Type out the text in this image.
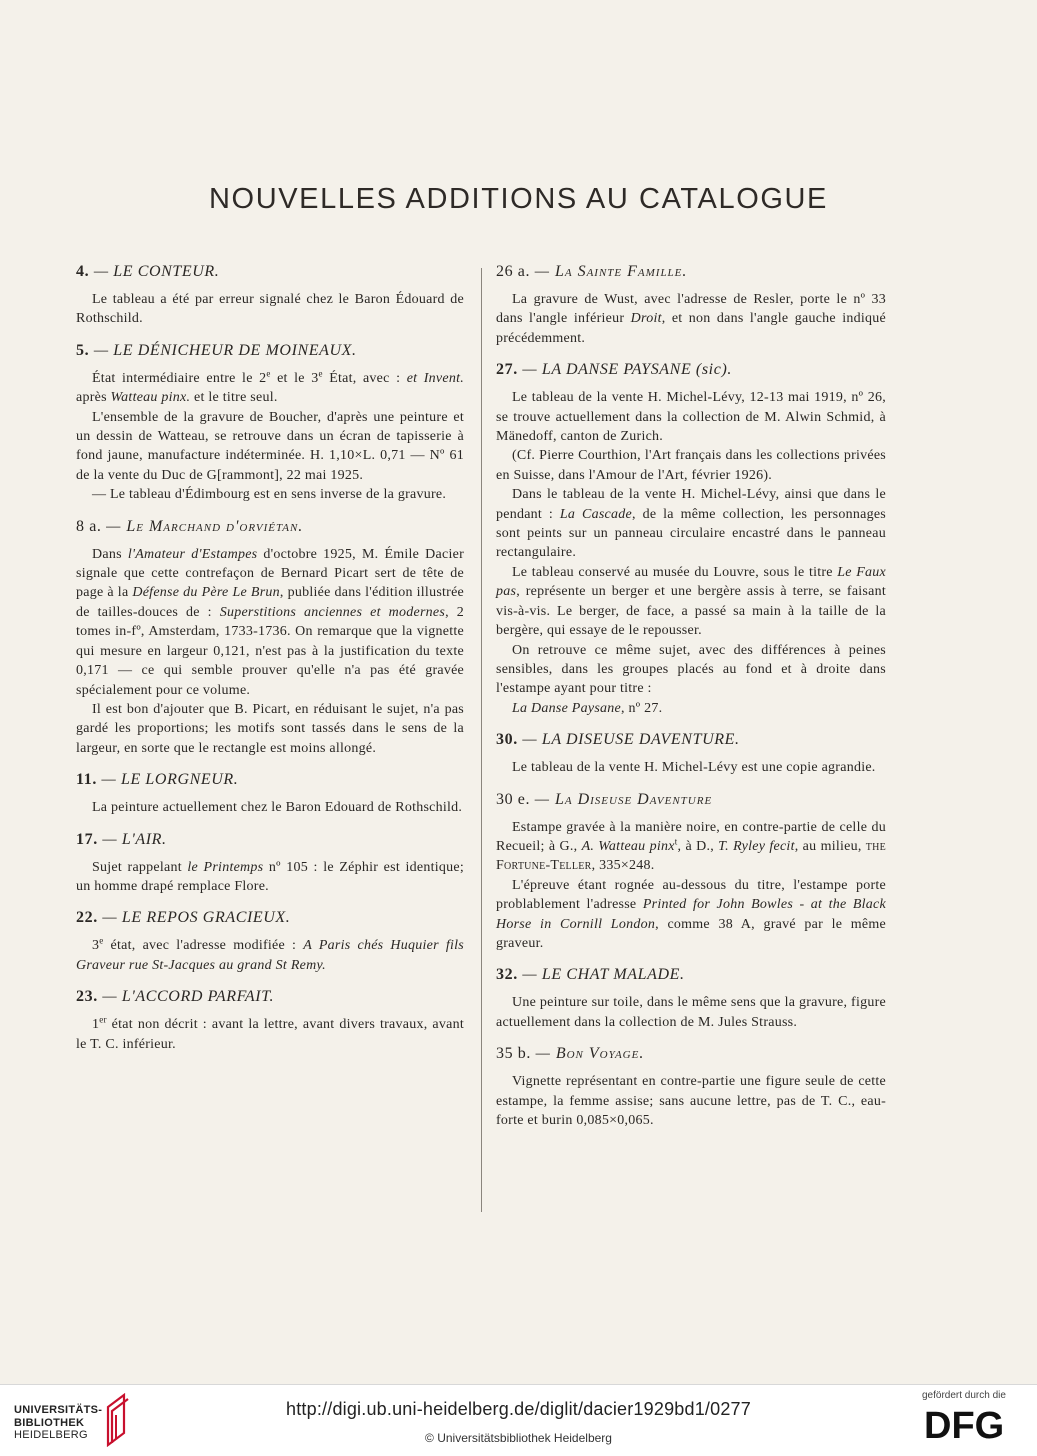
NOUVELLES ADDITIONS AU CATALOGUE
4. — LE CONTEUR.

Le tableau a été par erreur signalé chez le Baron Édouard de Rothschild.

5. — LE DÉNICHEUR DE MOINEAUX.

État intermédiaire entre le 2e et le 3e État, avec : et Invent. après Watteau pinx. et le titre seul.

L'ensemble de la gravure de Boucher, d'après une peinture et un dessin de Watteau, se retrouve dans un écran de tapisserie à fond jaune, manufacture indéterminée. H. 1,10×L. 0,71 — Nº 61 de la vente du Duc de G[rammont], 22 mai 1925.

— Le tableau d'Édimbourg est en sens inverse de la gravure.

8 a. — Le Marchand d'orviétan.

Dans l'Amateur d'Estampes d'octobre 1925, M. Émile Dacier signale que cette contrefaçon de Bernard Picart sert de tête de page à la Défense du Père Le Brun, publiée dans l'édition illustrée de tailles-douces de : Superstitions anciennes et modernes, 2 tomes in-fº, Amsterdam, 1733-1736. On remarque que la vignette qui mesure en largeur 0,121, n'est pas à la justification du texte 0,171 — ce qui semble prouver qu'elle n'a pas été gravée spécialement pour ce volume.

Il est bon d'ajouter que B. Picart, en réduisant le sujet, n'a pas gardé les proportions; les motifs sont tassés dans le sens de la largeur, en sorte que le rectangle est moins allongé.

11. — LE LORGNEUR.

La peinture actuellement chez le Baron Edouard de Rothschild.

17. — L'AIR.

Sujet rappelant le Printemps nº 105 : le Zéphir est identique; un homme drapé remplace Flore.

22. — LE REPOS GRACIEUX.

3e état, avec l'adresse modifiée : A Paris chés Huquier fils Graveur rue St-Jacques au grand St Remy.

23. — L'ACCORD PARFAIT.

1er état non décrit : avant la lettre, avant divers travaux, avant le T. C. inférieur.

26 a. — La Sainte Famille.

La gravure de Wust, avec l'adresse de Resler, porte le nº 33 dans l'angle inférieur Droit, et non dans l'angle gauche indiqué précédemment.

27. — LA DANSE PAYSANE (sic).

Le tableau de la vente H. Michel-Lévy, 12-13 mai 1919, nº 26, se trouve actuellement dans la collection de M. Alwin Schmid, à Mänedoff, canton de Zurich.

(Cf. Pierre Courthion, l'Art français dans les collections privées en Suisse, dans l'Amour de l'Art, février 1926).

Dans le tableau de la vente H. Michel-Lévy, ainsi que dans le pendant : La Cascade, de la même collection, les personnages sont peints sur un panneau circulaire encastré dans le panneau rectangulaire.

Le tableau conservé au musée du Louvre, sous le titre Le Faux pas, représente un berger et une bergère assis à terre, se faisant vis-à-vis. Le berger, de face, a passé sa main à la taille de la bergère, qui essaye de le repousser.

On retrouve ce même sujet, avec des différences à peines sensibles, dans les groupes placés au fond et à droite dans l'estampe ayant pour titre :

La Danse Paysane, nº 27.

30. — LA DISEUSE DAVENTURE.

Le tableau de la vente H. Michel-Lévy est une copie agrandie.

30 e. — La Diseuse Daventure

Estampe gravée à la manière noire, en contre-partie de celle du Recueil; à G., A. Watteau pinx$^t$, à D., T. Ryley fecit, au milieu, the Fortune-Teller, 335×248.

L'épreuve étant rognée au-dessous du titre, l'estampe porte problablement l'adresse Printed for John Bowles - at the Black Horse in Cornill London, comme 38 A, gravé par le même graveur.

32. — LE CHAT MALADE.

Une peinture sur toile, dans le même sens que la gravure, figure actuellement dans la collection de M. Jules Strauss.

35 b. — Bon Voyage.

Vignette représentant en contre-partie une figure seule de cette estampe, la femme assise; sans aucune lettre, pas de T. C., eau-forte et burin 0,085×0,065.

UNIVERSITÄTS-
BIBLIOTHEK
HEIDELBERG
http://digi.ub.uni-heidelberg.de/diglit/dacier1929bd1/0277
© Universitätsbibliothek Heidelberg
gefördert durch die
DFG
